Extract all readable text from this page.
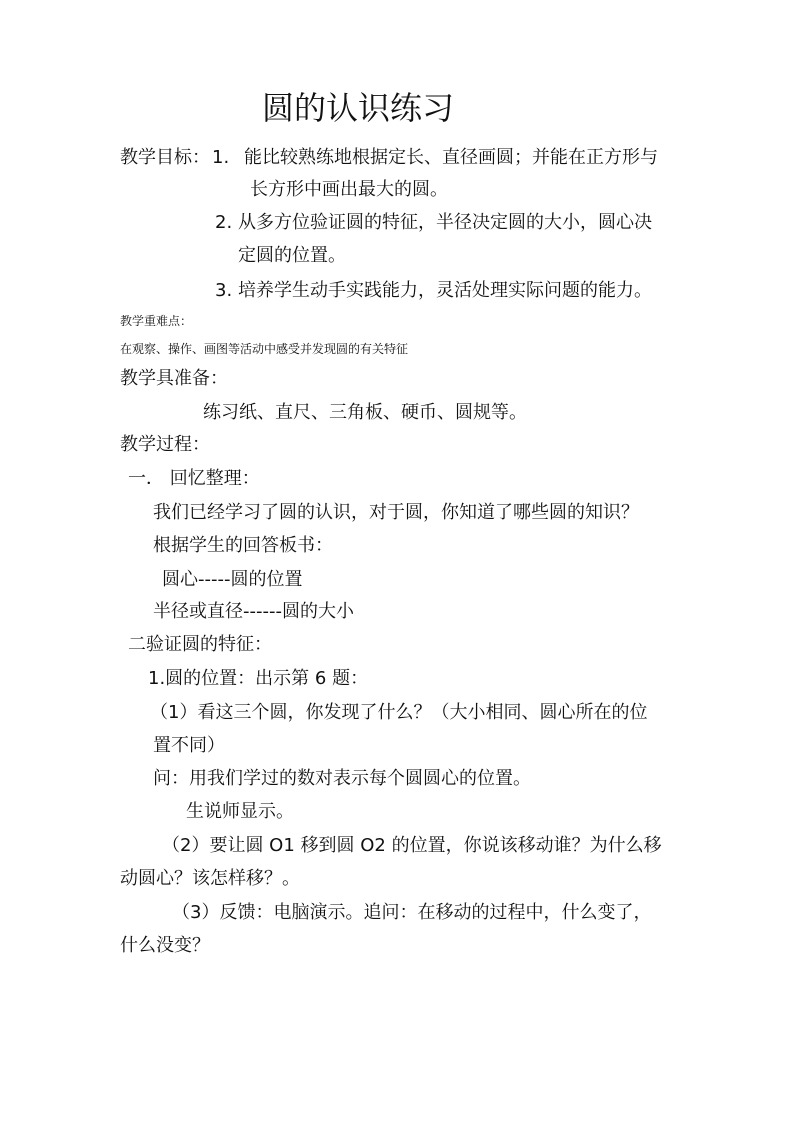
圆的认识练习
教学目标： 1. 能比较熟练地根据定长、直径画圆；并能在正方形与
长方形中画出最大的圆。
2. 从多方位验证圆的特征，半径决定圆的大小，圆心决
定圆的位置。
3. 培养学生动手实践能力，灵活处理实际问题的能力。
教学重难点：
在观察、操作、画图等活动中感受并发现圆的有关特征
教学具准备：
练习纸、直尺、三角板、硬币、圆规等。
教学过程：
一． 回忆整理：
我们已经学习了圆的认识，对于圆，你知道了哪些圆的知识？
根据学生的回答板书：
圆心-----圆的位置
半径或直径------圆的大小
二验证圆的特征：
1.圆的位置：出示第 6 题：
（1）看这三个圆，你发现了什么？（大小相同、圆心所在的位
置不同）
问：用我们学过的数对表示每个圆圆心的位置。
生说师显示。
（2）要让圆 O1 移到圆 O2 的位置，你说该移动谁？为什么移
动圆心？该怎样移？。
（3）反馈：电脑演示。追问：在移动的过程中，什么变了，
什么没变？
